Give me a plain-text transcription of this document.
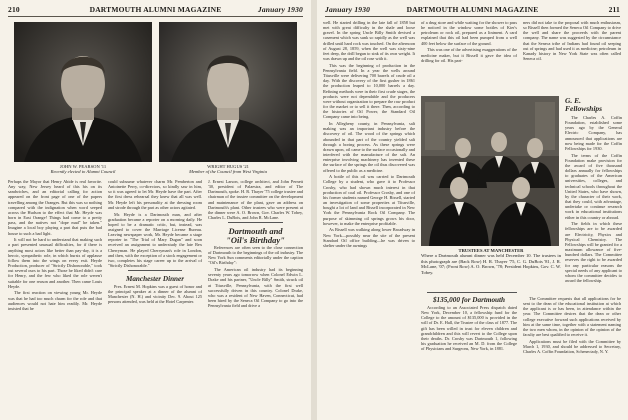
210	DARTMOUTH ALUMNI MAGAZINE	January 1930
JOHN W. PEARSON '11
Recently elected to Alumni Council
WRIGHT HUGUS '21
Member of the Council from West Virginia

Perhaps the Mayor that Henry Abide is real favorite. Any way, New Jersey heard of this his on its sandwiches, and an editorial calling for action appeared on the front page of one of the papers travelling among the Oranges. But this was so nothing compared with the indignation when word seeped across the Hudson to the effect that Mr. Heyde was born in East Orange! Things had come to a pretty pass, and the natives not "dope mad" be taken." Imagine a local boy playing a part that puts the bad house to such a bad light.

It will not be hard to understand that making such a part presented unusual difficulties, for if there is anything most actors like better than pay-day, it is a heroic, sympathetic role, in which bursts of applause follow them into the wings on every exit. Heyde Production, producer of "Strictly Dishonorable," took out several ours to his part. Those he liked didn't care for Henry, and the few who liked the role weren't suitable for one reason and another. Then came Louis Heyde.

The first reaction on viewing young Mr. Heyde was that he had too much charm for the role and that audiences would not hate him readily. Mr. Heyde insisted that he

could subsume whatever charm Mr. Pemberton and Antoinette Perry, co-directors, so kindly saw in him, so it was agreed to let Mr. Heyde have the part. After the first dress rehearsal they knew that all was well. Mr. Heyde left his personality at the dressing room and strode through the part as other actors agitated.

Mr. Heyde is a Dartmouth man, and after graduation became a reporter on a morning daily. He hoped to be a dramatic critic, but, instead, was assigned to cover the Marriage License Bureau. Leaving newspaper work, Mr. Heyde became a stage reporter in "The Trial of Mary Dugan" and soon received an assignment to understudy the late Rex Cherryman. He played Cherryman's role in London, and then, with the exception of a stock engagement or two, completes his stage career up to the arrival of "Strictly Dishonorable."

Manchester Dinner

Pres. Ernest M. Hopkins was a guest of honor and the principal speaker at a dinner of the alumni of Manchester (N. H.) and vicinity Dec. 9. About 125 persons attended, was held at the Hotel Carpenter.

J. Ernest Larson, college architect, and John Pernett '30, president of Palaestra, and editor of The Dartmouth, spoke. H. R. Thayer '75 college trustee and chairman of the trustee committee on the development and maintenance of the plant, gave an address on Dartmouth's plant. Other trustees who were present at the dinner were A. O. Brown, Gov. Charles W. Tobey, Charles L. DuBois, and John R. McLane.

Dartmouth and
"Oil's Birthday"

References are often seen to the close connection of Dartmouth to the beginnings of the oil industry. The New York Sun comments editorially under the caption "Oil's Birthday":

The American oil industry had its beginning seventy years ago tomorrow when Colonel Edwin L. Drake and his partner, "Uncle Billy" Smith, struck oil at Titusville, Pennsylvania, with the first well successfully driven in this country. Colonel Drake, who was a resident of New Haven, Connecticut, had been hired by the Seneca Oil Company to go into the Pennsylvania field and drive a

January 1930	DARTMOUTH ALUMNI MAGAZINE	211

well. He started drilling in the late fall of 1858 but met with great difficulty in the shale and loose gravel. In the spring Uncle Billy Smith devised a casement which was sunk so rapidly as the well was drilled until hard rock was touched. On the afternoon of August 28, 1859, when the well was sixty-nine feet deep, the drill began to sink of its own weight. It was drawn up and the oil rose with it.

This was the beginning of production in the Pennsylvania field. In a year the wells around Titusville were delivering 700 barrels of crude oil a day. With the discovery of the first gusher in 1861 the production leaped to 10,000 barrels a day. Refining methods were in their first crude stages, the products were not dependable and the producers were without organization to prepare the raw product for the market or to sell it there. Then, according to the histories of Oil Power, the Standard Oil Company came into being.

In Allegheny county, in Pennsylvania, salt making was an important industry before the discovery of oil. The wood of the springs which abounded in that part of the country yielded salt through a boring process. As these springs were drawn upon, oil came to the surface occasionally and interfered with the manufacture of the salt. An enterprise involving machinery has invented these the surface of the springs the oil thus discovered was offered to the public as a medicine.

A bottle of this oil was carried to Dartmouth College by a student, who gave it to Professor Crosby, who had shown much interest in that production of coal oil. Professor Crosby, and one of his former students named George H. Bissell, started an investigation of some properties at Titusville, bought a lot of land and Bissell incorporated in New York the Pennsylvania Rock Oil Company. The purpose of skimming oil springs grows his door, however, to make the enterprise profitable.

As Bissell was walking along lower Broadway in New York—possibly near the site of the present Standard Oil office building—he was driven to shelter under the awnings

of a drug store and while waiting for the shower to pass he noticed in the window some bottles of Kier's petroleum or rock oil, prepared as a liniment. A card explained that this oil had been pumped from a well 400 feet below the surface of the ground.

This was one of the advertising exaggerations of the medicine maker, but it Bissell it gave the idea of drilling for oil. His part-

ners did not take to the proposal with much enthusiasm, so Bissell then formed the Seneca Oil Company to drive the well and share the proceeds with the parent company. The name was suggested by the circumstance that the Seneca tribe of Indians had found oil seeping out of springs and had used it as medicine; petroleum in Kanady history in New York State was often called Seneca oil.

G. E.
Fellowships

The Charles A. Coffin Foundation, established some years ago by the General Electric Company, has announced that applications are now being made for the Coffin Fellowships for 1930.

The terms of the Coffin Foundation make provision for the award of five thousand dollars annually for fellowships to graduates of the American universities, colleges, and technical schools throughout the United States, who have shown, by the character of their work, that they could, with advantage, undertake or continue research work in educational institutions either in this country or abroad.

The fields in which these fellowships are to be awarded are Electricity, Physics and Physical Chemistry. The Fellowships will be granted for a maximum allowance of five-hundred dollars. The Committee reserves the right to be awarded for any particular reasons the special needs of any applicant to whom the committee decides to award the fellowship.

TRUSTEES AT MANCHESTER
Where a Dartmouth alumni dinner was held December 10. The trustees in this photograph are (Back Row) H. R. Thayer '75, C. G. DuBois '81, J. R. McLane, '07; (Front Row) A. O. Brown, '78; President Hopkins, Gov. C. W. Tobey.
$135,000 for Dartmouth

According to an Associated Press dispatch dated New York, December 10, a fellowship fund for the College to the amount of $135,000 is provided in the will of Dr. E. Hall, the Trustee of the class of 1877. The gift has been willed in trust for eleven children and grandchildren and this will revert to the College upon their deaths. Dr. Crosby was Dartmouth 1, following his graduation he received an M. D. from the College of Physicians and Surgeons, New York, in 1881.

The Committee requests that all applications for be sent to the dean of the educational institution at which the applicant is or has been, in attendance within the year. The Committee desires that the dean or other college executive forward such applications received by him at the same time, together with a statement naming the two men whom, in the opinion of the opinion of the faculty are best qualified to receive it.

Applications must be filed with the Committee by March 1, 1930, and should be addressed to Secretary, Charles A. Coffin Foundation, Schenectady, N. Y.
